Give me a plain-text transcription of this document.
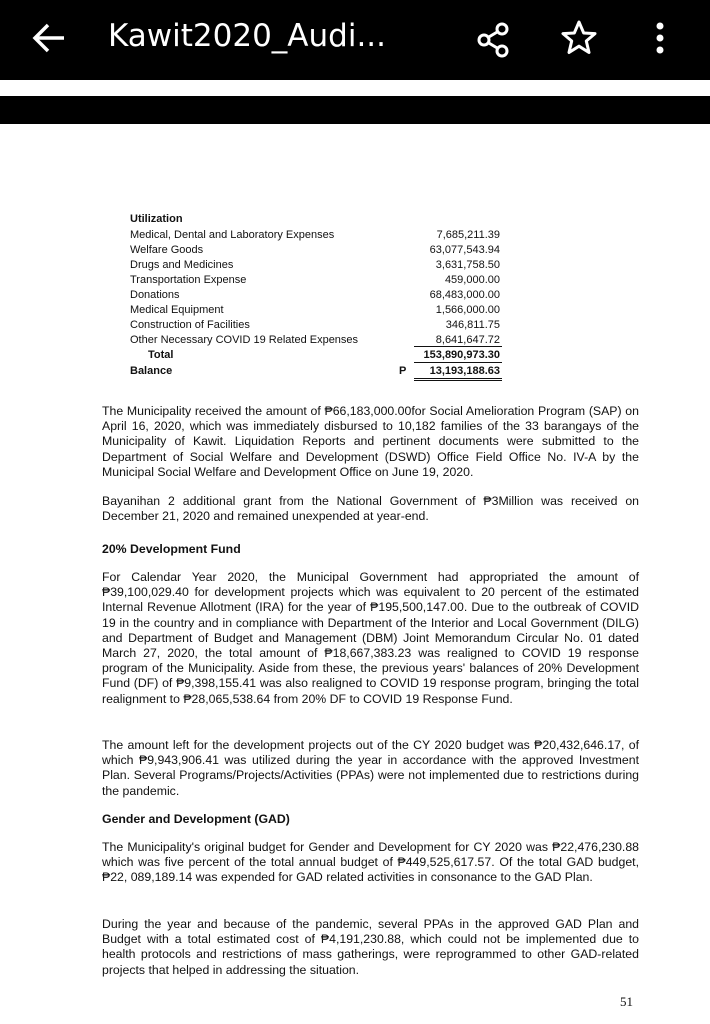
Kawit2020_Audi...
Utilization
Medical, Dental and Laboratory Expenses	7,685,211.39
Welfare Goods	63,077,543.94
Drugs and Medicines	3,631,758.50
Transportation Expense	459,000.00
Donations	68,483,000.00
Medical Equipment	1,566,000.00
Construction of Facilities	346,811.75
Other Necessary COVID 19 Related Expenses	8,641,647.72
Total	153,890,973.30
Balance	P	13,193,188.63

The Municipality received the amount of ₱66,183,000.00for Social Amelioration Program (SAP) on April 16, 2020, which was immediately disbursed to 10,182 families of the 33 barangays of the Municipality of Kawit. Liquidation Reports and pertinent documents were submitted to the Department of Social Welfare and Development (DSWD) Office Field Office No. IV-A by the Municipal Social Welfare and Development Office on June 19, 2020.

Bayanihan 2 additional grant from the National Government of ₱3Million was received on December 21, 2020 and remained unexpended at year-end.

20% Development Fund

For Calendar Year 2020, the Municipal Government had appropriated the amount of ₱39,100,029.40 for development projects which was equivalent to 20 percent of the estimated Internal Revenue Allotment (IRA) for the year of ₱195,500,147.00. Due to the outbreak of COVID 19 in the country and in compliance with Department of the Interior and Local Government (DILG) and Department of Budget and Management (DBM) Joint Memorandum Circular No. 01 dated March 27, 2020, the total amount of ₱18,667,383.23 was realigned to COVID 19 response program of the Municipality. Aside from these, the previous years' balances of 20% Development Fund (DF) of ₱9,398,155.41 was also realigned to COVID 19 response program, bringing the total realignment to ₱28,065,538.64 from 20% DF to COVID 19 Response Fund.

The amount left for the development projects out of the CY 2020 budget was ₱20,432,646.17, of which ₱9,943,906.41 was utilized during the year in accordance with the approved Investment Plan. Several Programs/Projects/Activities (PPAs) were not implemented due to restrictions during the pandemic.

Gender and Development (GAD)

The Municipality's original budget for Gender and Development for CY 2020 was ₱22,476,230.88 which was five percent of the total annual budget of ₱449,525,617.57. Of the total GAD budget, ₱22, 089,189.14 was expended for GAD related activities in consonance to the GAD Plan.

During the year and because of the pandemic, several PPAs in the approved GAD Plan and Budget with a total estimated cost of ₱4,191,230.88, which could not be implemented due to health protocols and restrictions of mass gatherings, were reprogrammed to other GAD-related projects that helped in addressing the situation.

51
